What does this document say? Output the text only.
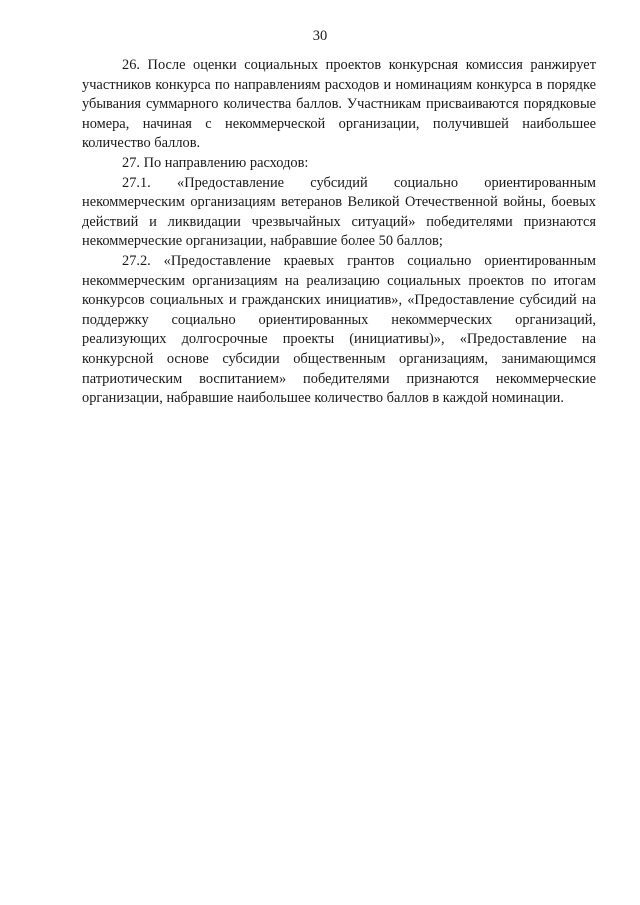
30

26. После оценки социальных проектов конкурсная комиссия ранжирует участников конкурса по направлениям расходов и номинациям конкурса в порядке убывания суммарного количества баллов. Участникам присваиваются порядковые номера, начиная с некоммерческой организации, получившей наибольшее количество баллов.

27. По направлению расходов:

27.1. «Предоставление субсидий социально ориентированным некоммерческим организациям ветеранов Великой Отечественной войны, боевых действий и ликвидации чрезвычайных ситуаций» победителями признаются некоммерческие организации, набравшие более 50 баллов;

27.2. «Предоставление краевых грантов социально ориентированным некоммерческим организациям на реализацию социальных проектов по итогам конкурсов социальных и гражданских инициатив», «Предоставление субсидий на поддержку социально ориентированных некоммерческих организаций, реализующих долгосрочные проекты (инициативы)», «Предоставление на конкурсной основе субсидии общественным организациям, занимающимся патриотическим воспитанием» победителями признаются некоммерческие организации, набравшие наибольшее количество баллов в каждой номинации.
